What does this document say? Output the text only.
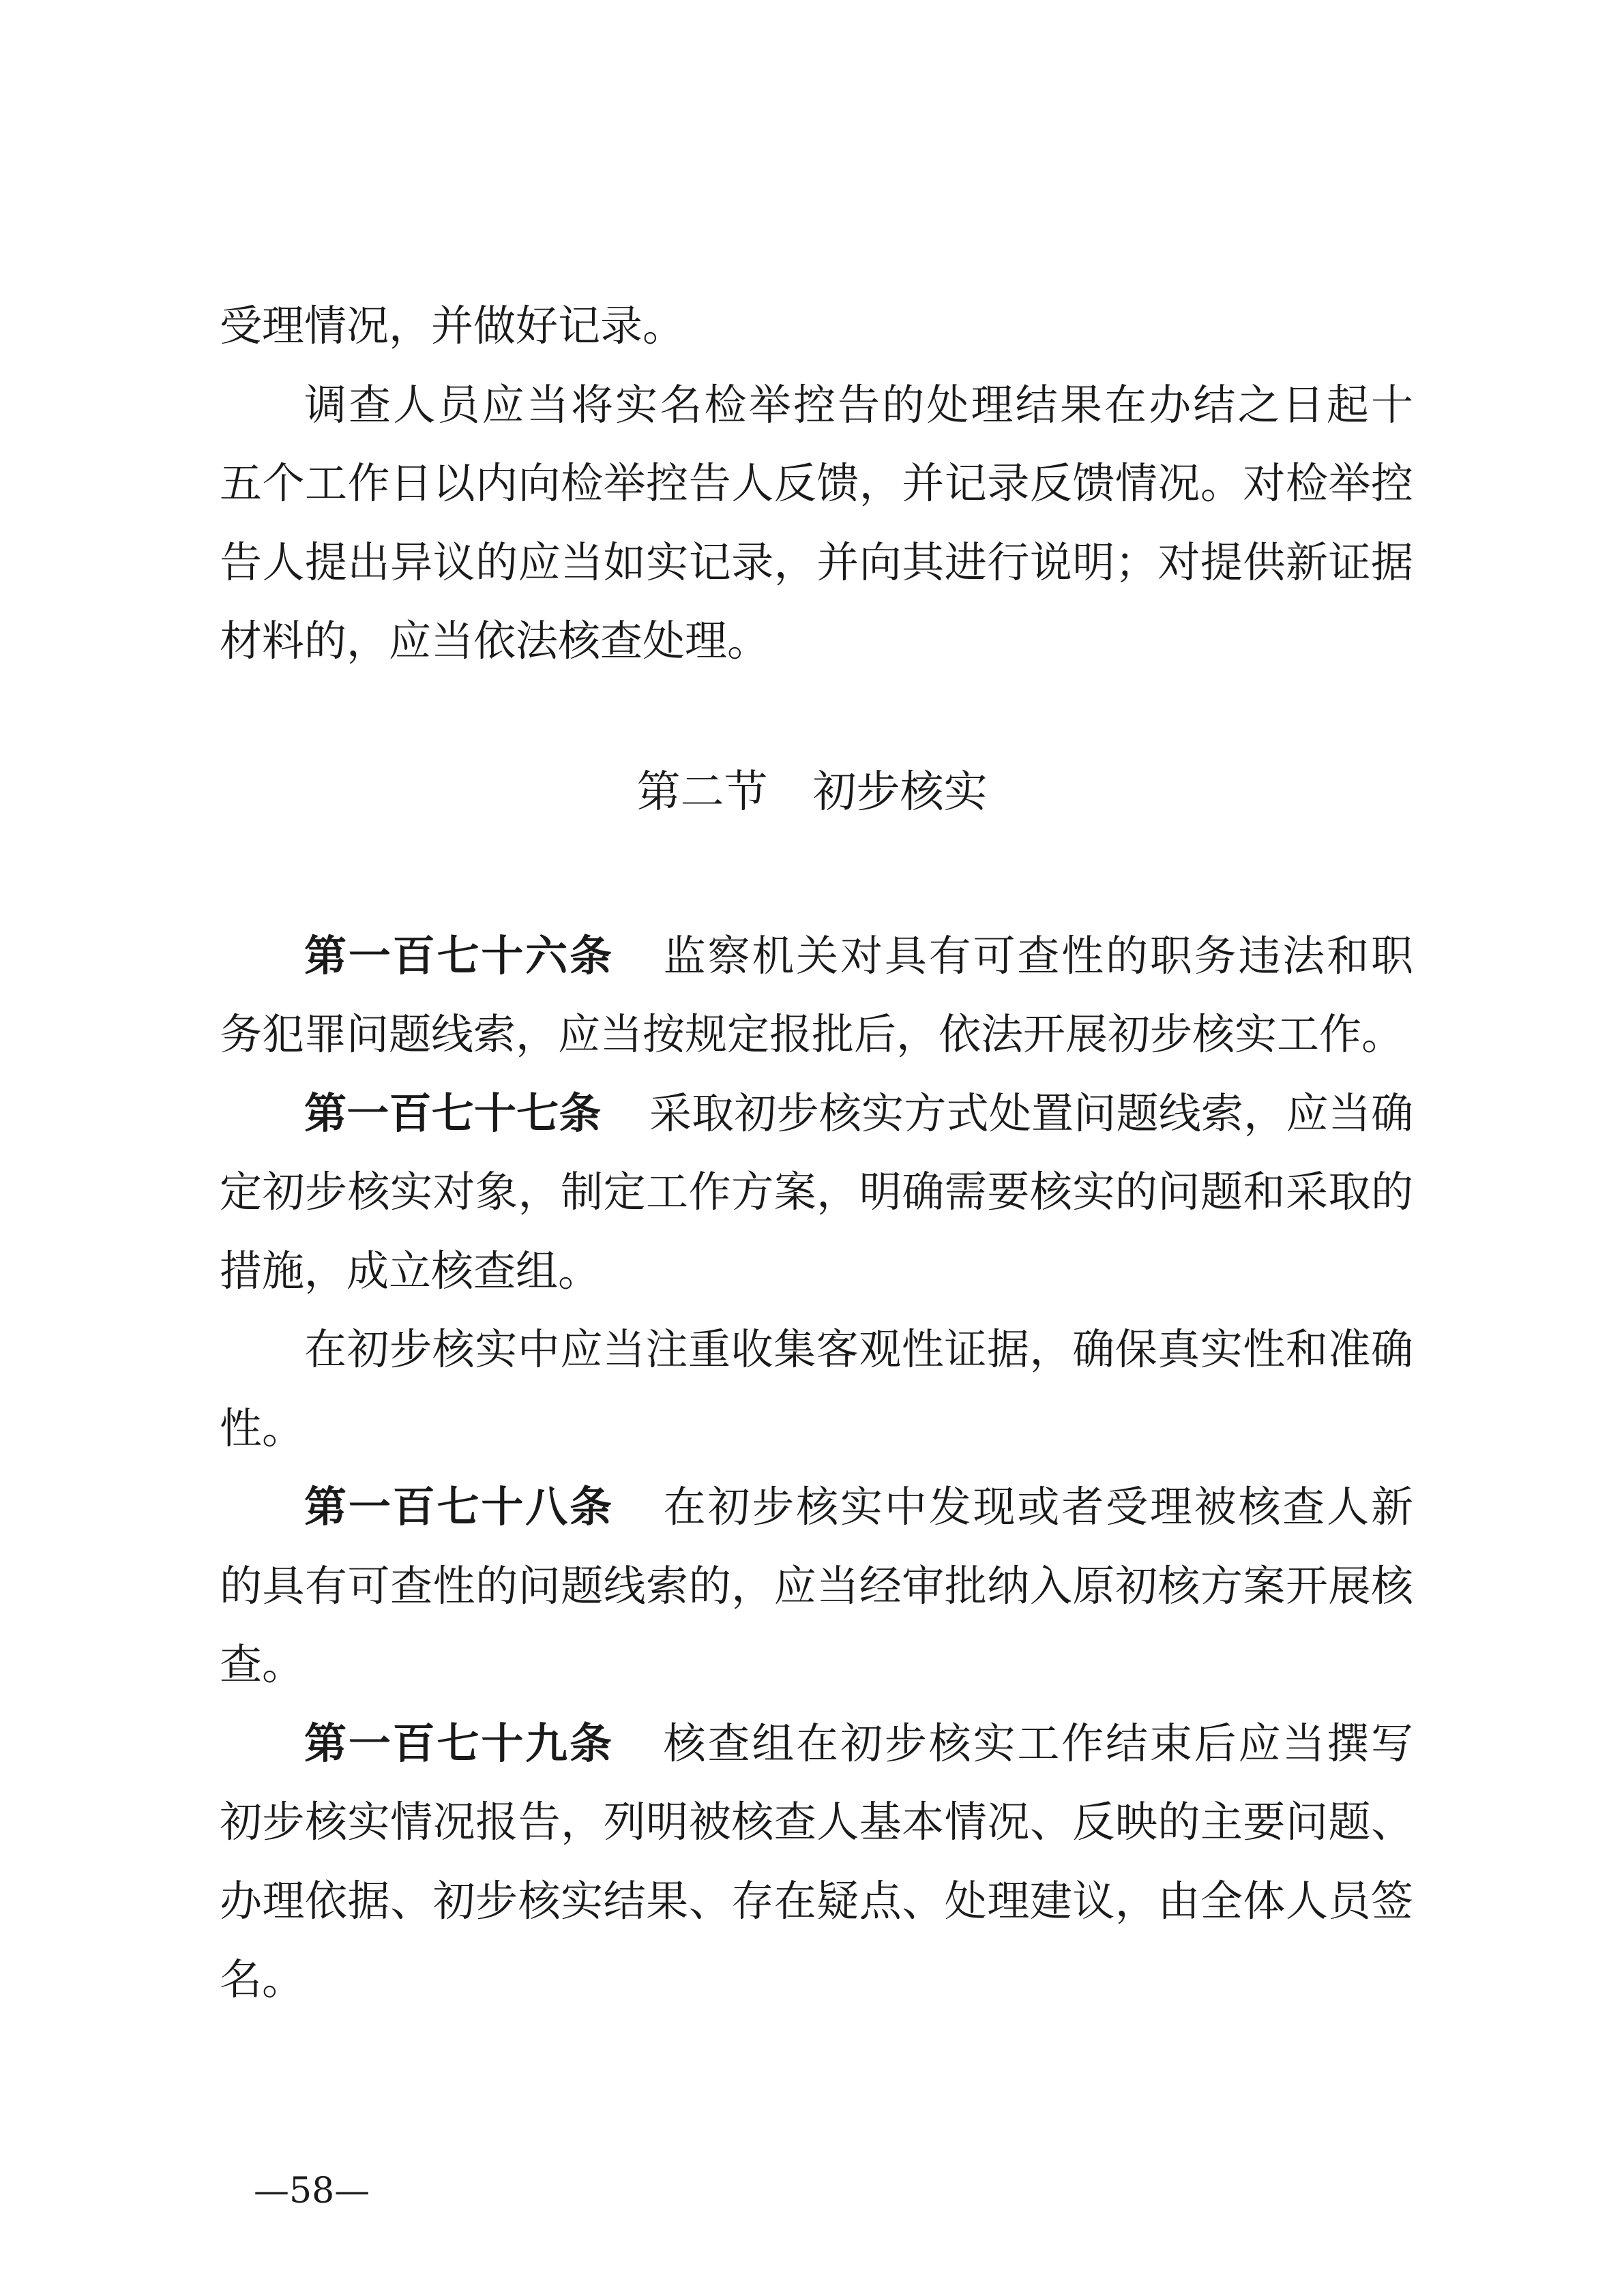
受理情况，并做好记录。
调查人员应当将实名检举控告的处理结果在办结之日起十
五个工作日以内向检举控告人反馈，并记录反馈情况。对检举控
告人提出异议的应当如实记录，并向其进行说明；对提供新证据
材料的，应当依法核查处理。
第二节 初步核实
第一百七十六条 监察机关对具有可查性的职务违法和职
务犯罪问题线索，应当按规定报批后，依法开展初步核实工作。
第一百七十七条 采取初步核实方式处置问题线索，应当确
定初步核实对象，制定工作方案，明确需要核实的问题和采取的
措施，成立核查组。
在初步核实中应当注重收集客观性证据，确保真实性和准确
性。
第一百七十八条 在初步核实中发现或者受理被核查人新
的具有可查性的问题线索的，应当经审批纳入原初核方案开展核
查。
第一百七十九条 核查组在初步核实工作结束后应当撰写
初步核实情况报告，列明被核查人基本情况、反映的主要问题、
办理依据、初步核实结果、存在疑点、处理建议，由全体人员签
名。
—58—
